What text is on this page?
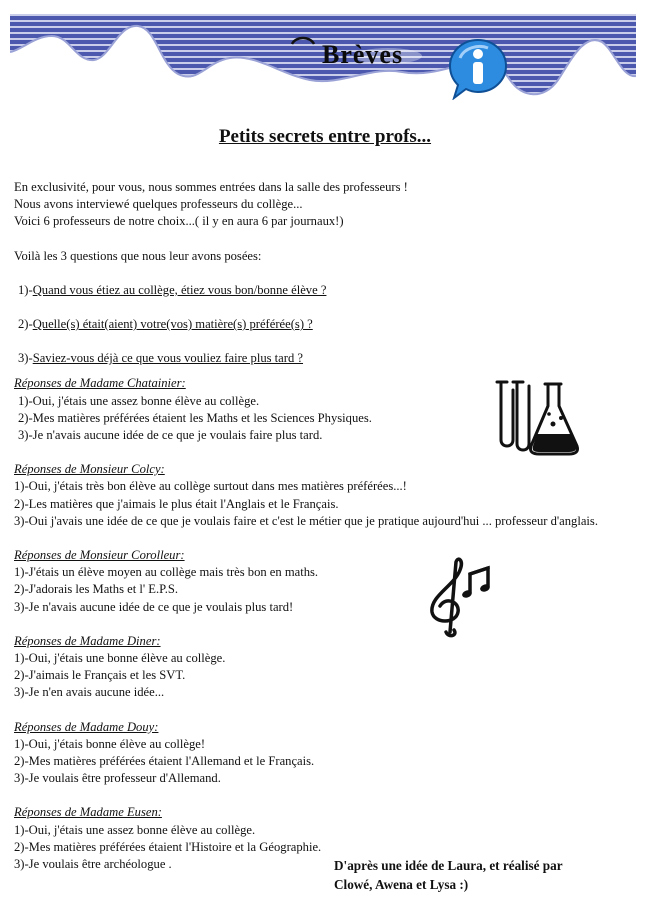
Brèves
Petits secrets entre profs...

En exclusivité, pour vous, nous sommes entrées dans la salle des professeurs !

Nous avons interviewé quelques professeurs du collège...

Voici 6 professeurs de notre choix...( il y en aura 6 par journaux!)

Voilà les 3 questions que nous leur avons posées:

1)-Quand vous étiez au collège, étiez vous bon/bonne élève ?

2)-Quelle(s) était(aient) votre(vos) matière(s) préférée(s) ?

3)-Saviez-vous déjà ce que vous vouliez faire plus tard ?

Réponses de Madame Chatainier:

1)-Oui, j'étais une assez bonne élève au collège.

2)-Mes matières préférées étaient les Maths et les Sciences Physiques.

3)-Je n'avais aucune idée de ce que je voulais faire plus tard.

Réponses de Monsieur Colcy:

1)-Oui, j'étais très bon élève au collège surtout dans mes matières préférées...!

2)-Les matières que j'aimais le plus était l'Anglais et le Français.

3)-Oui j'avais une idée de ce que je voulais faire et c'est le métier que je pratique aujourd'hui ... professeur d'anglais.

Réponses de Monsieur Corolleur:

1)-J'étais un élève moyen au collège mais très bon en maths.

2)-J'adorais les Maths et l' E.P.S.

3)-Je n'avais aucune idée de ce que je voulais plus tard!

Réponses de Madame Diner:

1)-Oui, j'étais une bonne élève au collège.

2)-J'aimais le Français et les SVT.

3)-Je n'en avais aucune idée...

Réponses de Madame Douy:

1)-Oui, j'étais bonne élève au collège!

2)-Mes matières préférées étaient l'Allemand et le Français.

3)-Je voulais être professeur d'Allemand.

Réponses de Madame Eusen:

1)-Oui, j'étais une assez bonne élève au collège.

2)-Mes matières préférées étaient l'Histoire et la Géographie.

3)-Je voulais être archéologue .	D'après une idée de Laura, et réalisé par
Clowé, Awena et Lysa :)
